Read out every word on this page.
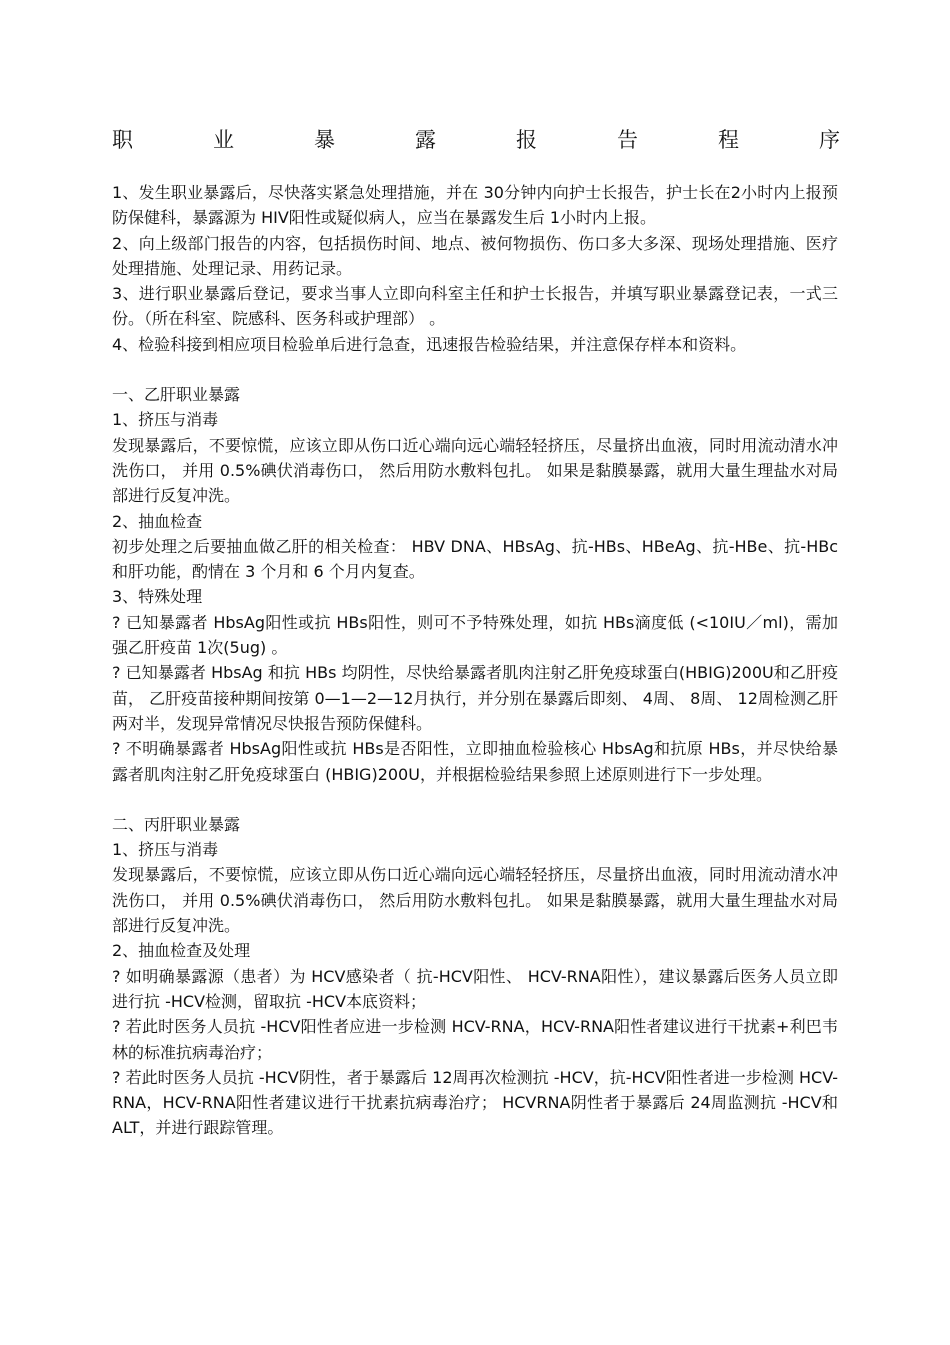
职	业	暴	露	报	告	程	序

1、发生职业暴露后，尽快落实紧急处理措施，并在 30分钟内向护士长报告，护士长在2小时内上报预防保健科，暴露源为 HIV阳性或疑似病人，应当在暴露发生后 1小时内上报。

2、向上级部门报告的内容，包括损伤时间、地点、被何物损伤、伤口多大多深、现场处理措施、医疗处理措施、处理记录、用药记录。

3、进行职业暴露后登记，要求当事人立即向科室主任和护士长报告，并填写职业暴露登记表，一式三份。（所在科室、院感科、医务科或护理部） 。

4、检验科接到相应项目检验单后进行急查，迅速报告检验结果，并注意保存样本和资料。

一、乙肝职业暴露

1、挤压与消毒

发现暴露后，不要惊慌，应该立即从伤口近心端向远心端轻轻挤压，尽量挤出血液，同时用流动清水冲洗伤口， 并用 0.5%碘伏消毒伤口， 然后用防水敷料包扎。 如果是黏膜暴露，就用大量生理盐水对局部进行反复冲洗。

2、抽血检查

初步处理之后要抽血做乙肝的相关检查： HBV DNA、HBsAg、抗-HBs、HBeAg、抗-HBe、抗-HBc和肝功能，酌情在 3 个月和 6 个月内复查。

3、特殊处理

? 已知暴露者 HbsAg阳性或抗 HBs阳性，则可不予特殊处理，如抗 HBs滴度低 (<10IU／ml)，需加强乙肝疫苗 1次(5ug) 。

? 已知暴露者 HbsAg 和抗 HBs 均阴性，尽快给暴露者肌肉注射乙肝免疫球蛋白(HBIG)200U和乙肝疫苗， 乙肝疫苗接种期间按第 0—1—2—12月执行，并分别在暴露后即刻、 4周、 8周、 12周检测乙肝两对半，发现异常情况尽快报告预防保健科。

? 不明确暴露者 HbsAg阳性或抗 HBs是否阳性，立即抽血检验核心 HbsAg和抗原 HBs，并尽快给暴露者肌肉注射乙肝免疫球蛋白 (HBIG)200U，并根据检验结果参照上述原则进行下一步处理。

二、丙肝职业暴露

1、挤压与消毒

发现暴露后，不要惊慌，应该立即从伤口近心端向远心端轻轻挤压，尽量挤出血液，同时用流动清水冲洗伤口， 并用 0.5%碘伏消毒伤口， 然后用防水敷料包扎。 如果是黏膜暴露，就用大量生理盐水对局部进行反复冲洗。

2、抽血检查及处理

? 如明确暴露源（患者）为 HCV感染者（ 抗-HCV阳性、 HCV-RNA阳性），建议暴露后医务人员立即进行抗 -HCV检测，留取抗 -HCV本底资料；

? 若此时医务人员抗 -HCV阳性者应进一步检测 HCV-RNA，HCV-RNA阳性者建议进行干扰素+利巴韦林的标准抗病毒治疗；

? 若此时医务人员抗 -HCV阴性，者于暴露后 12周再次检测抗 -HCV，抗-HCV阳性者进一步检测 HCV-RNA，HCV-RNA阳性者建议进行干扰素抗病毒治疗； HCVRNA阴性者于暴露后 24周监测抗 -HCV和 ALT，并进行跟踪管理。
